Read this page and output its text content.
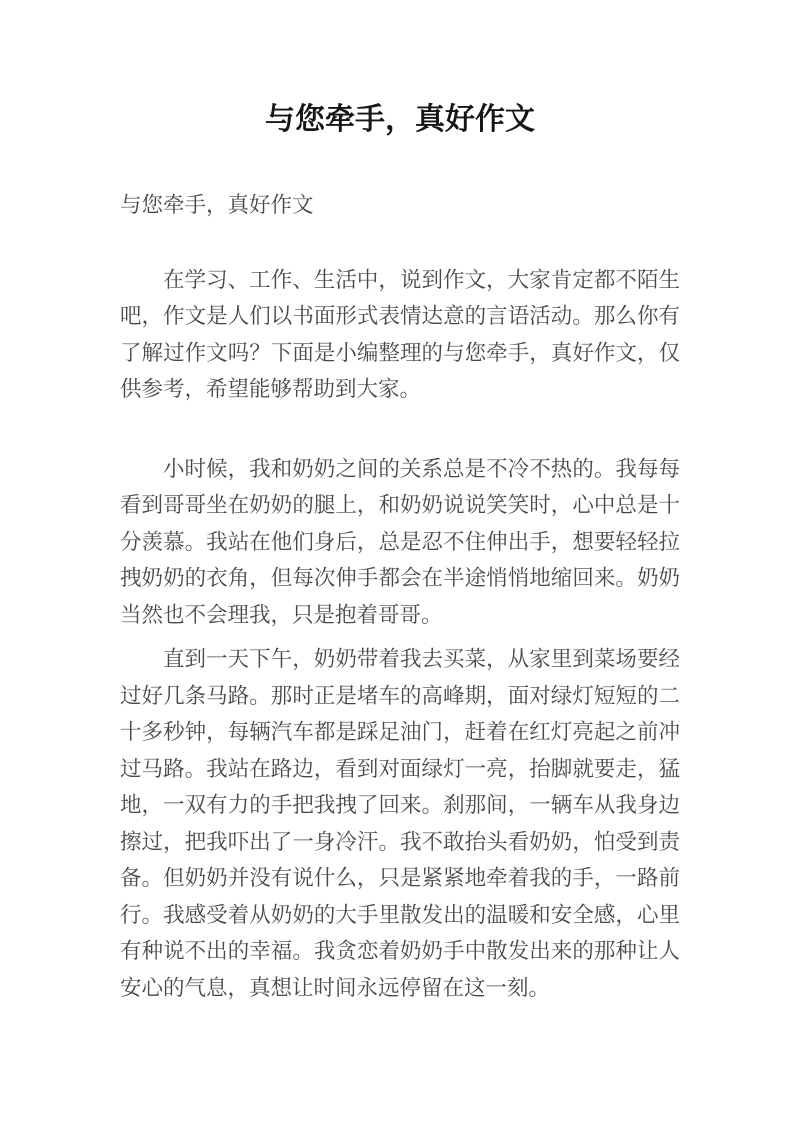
与您牵手，真好作文

与您牵手，真好作文

在学习、工作、生活中，说到作文，大家肯定都不陌生吧，作文是人们以书面形式表情达意的言语活动。那么你有了解过作文吗？下面是小编整理的与您牵手，真好作文，仅供参考，希望能够帮助到大家。

小时候，我和奶奶之间的关系总是不冷不热的。我每每看到哥哥坐在奶奶的腿上，和奶奶说说笑笑时，心中总是十分羡慕。我站在他们身后，总是忍不住伸出手，想要轻轻拉拽奶奶的衣角，但每次伸手都会在半途悄悄地缩回来。奶奶当然也不会理我，只是抱着哥哥。

直到一天下午，奶奶带着我去买菜，从家里到菜场要经过好几条马路。那时正是堵车的高峰期，面对绿灯短短的二十多秒钟，每辆汽车都是踩足油门，赶着在红灯亮起之前冲过马路。我站在路边，看到对面绿灯一亮，抬脚就要走，猛地，一双有力的手把我拽了回来。刹那间，一辆车从我身边擦过，把我吓出了一身冷汗。我不敢抬头看奶奶，怕受到责备。但奶奶并没有说什么，只是紧紧地牵着我的手，一路前行。我感受着从奶奶的大手里散发出的温暖和安全感，心里有种说不出的幸福。我贪恋着奶奶手中散发出来的那种让人安心的气息，真想让时间永远停留在这一刻。
